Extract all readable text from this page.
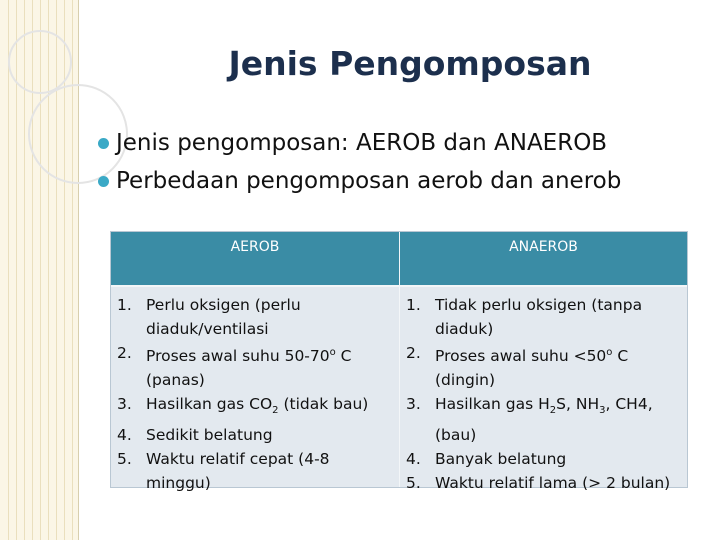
Jenis Pengomposan
Jenis pengomposan: AEROB dan ANAEROB
Perbedaan pengomposan aerob dan anerob
AEROB	ANAEROB
1. Perlu oksigen (perlu diaduk/ventilasi
2. Proses awal suhu 50-70$^o$ C (panas)
3. Hasilkan gas $CO_2$ (tidak bau)
4. Sedikit belatung
5. Waktu relatif cepat (4-8 minggu)
1. Tidak perlu oksigen (tanpa diaduk)
2. Proses awal suhu $<50^o$ C (dingin)
3. Hasilkan gas $H_2S$, $NH_3$, CH4, (bau)
4. Banyak belatung
5. Waktu relatif lama (> 2 bulan)
